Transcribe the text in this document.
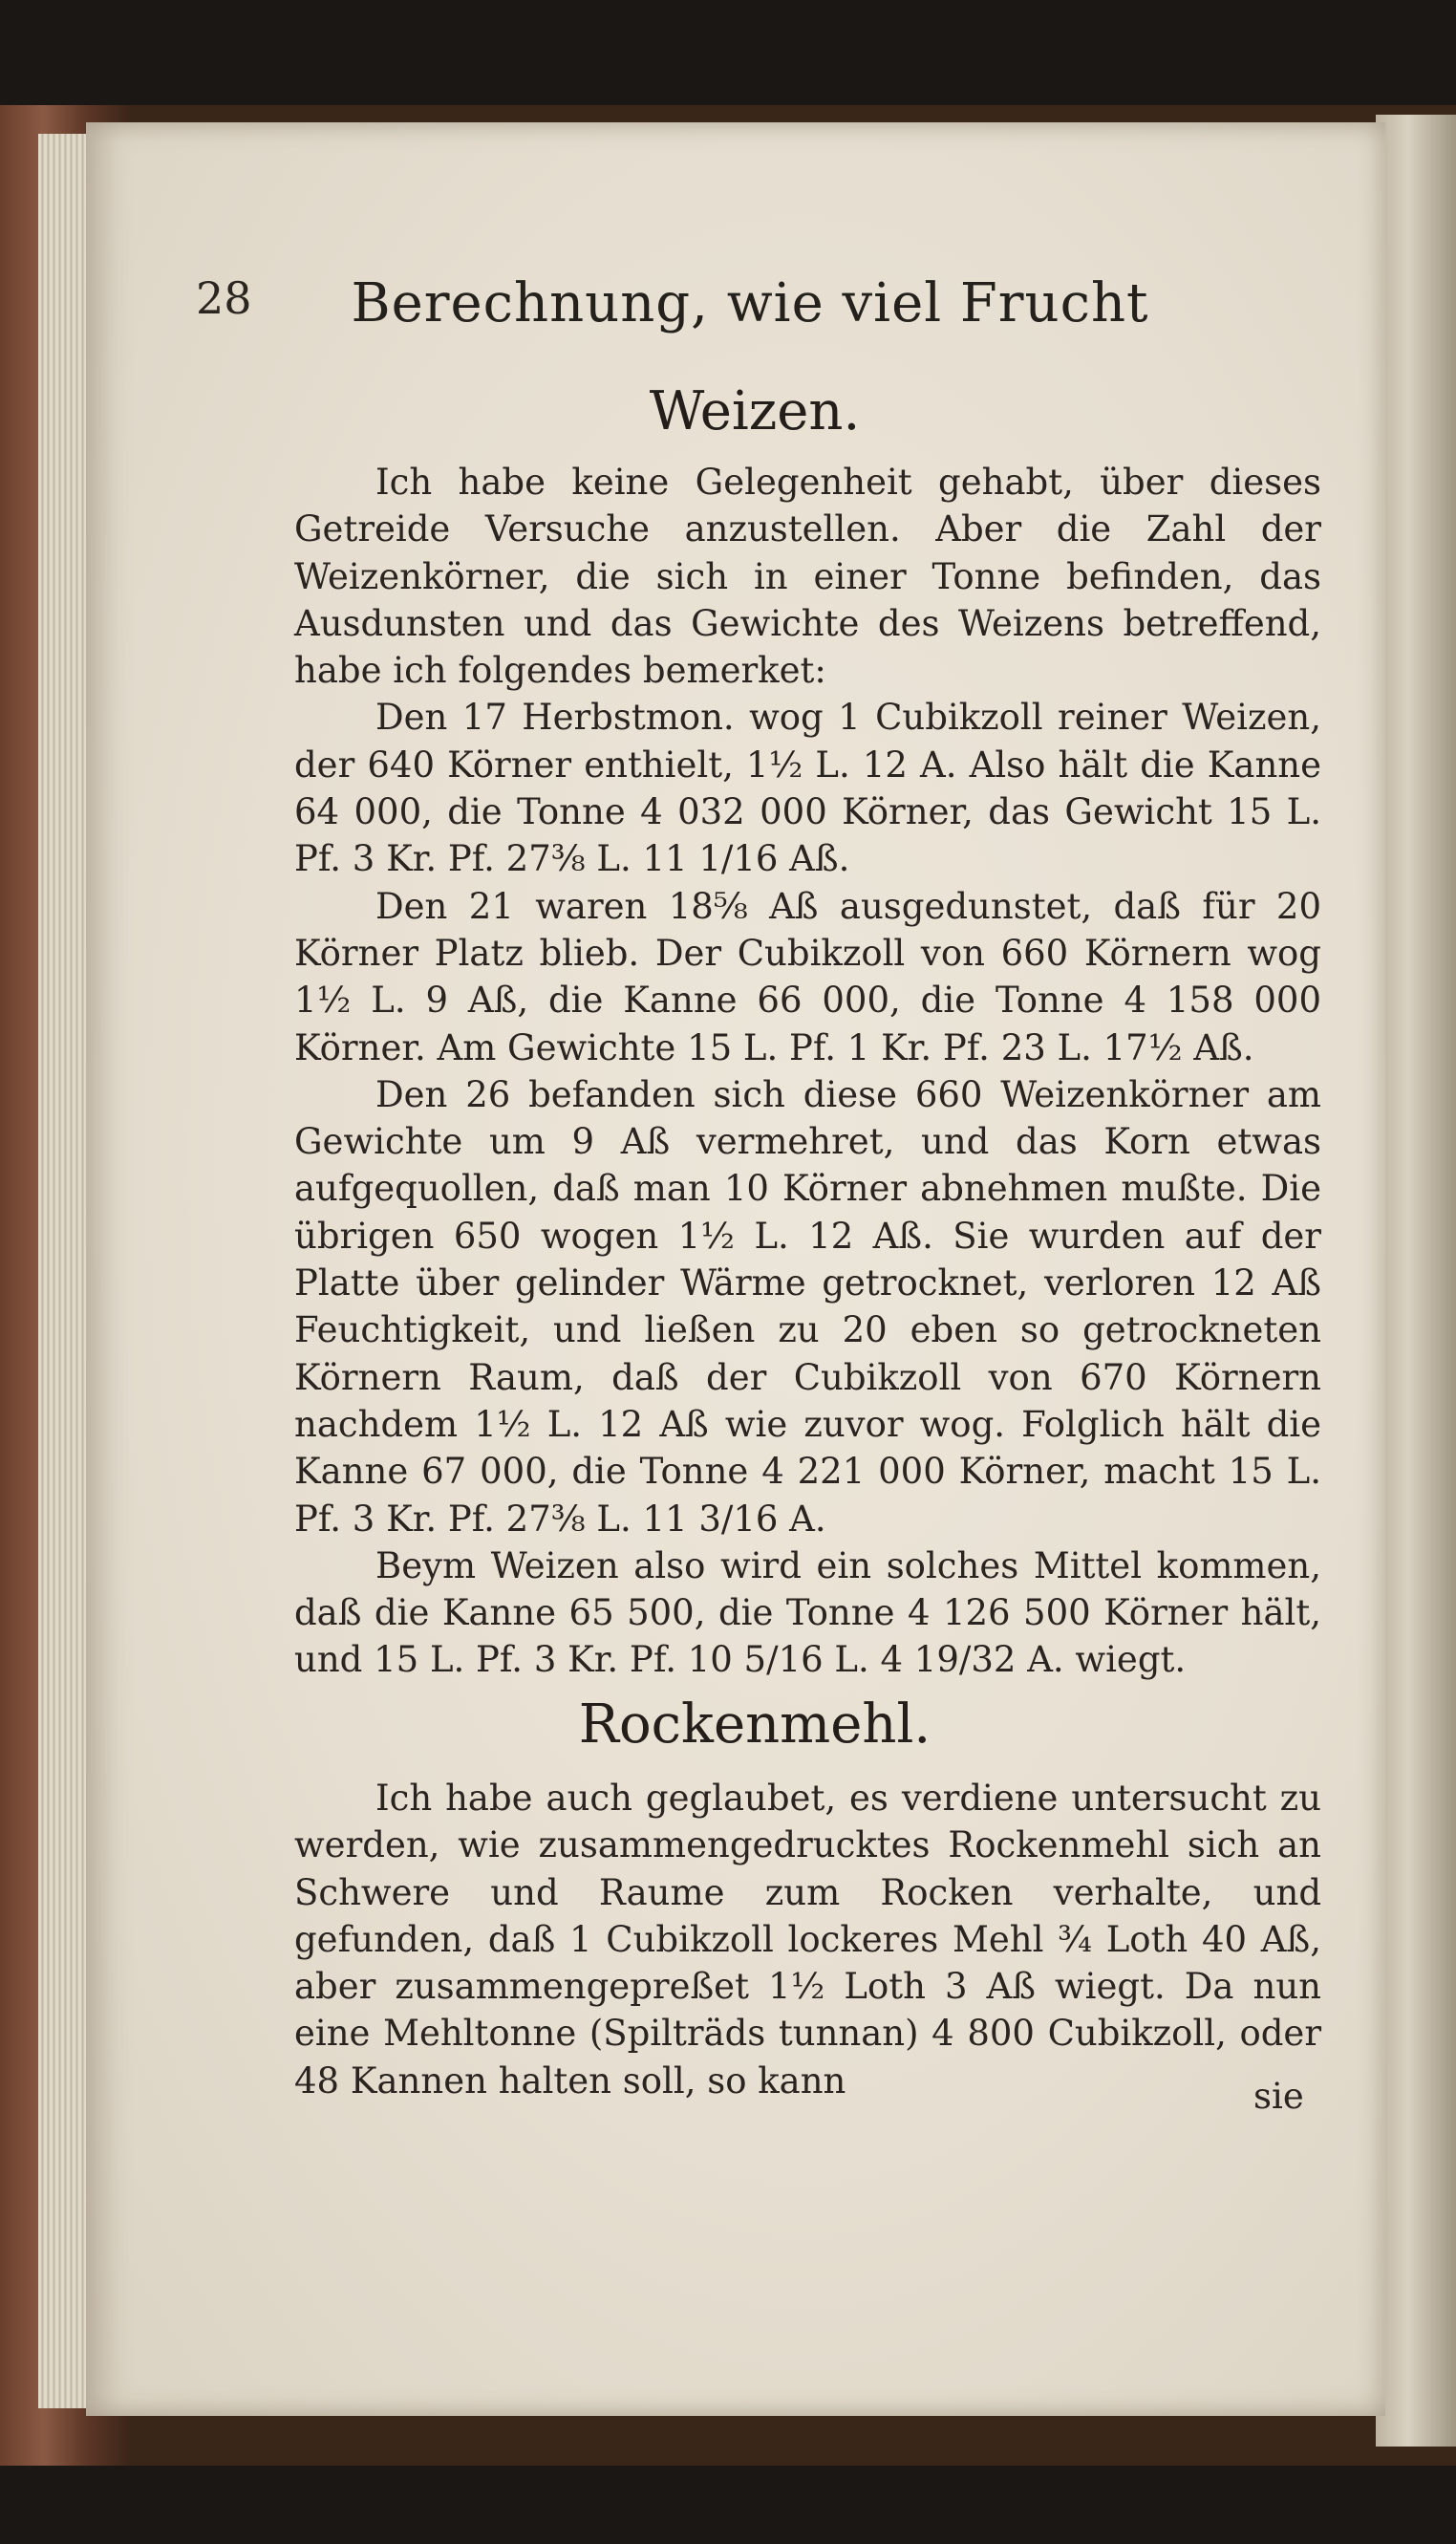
28	Berechnung, wie viel Frucht
Weizen.

Ich habe keine Gelegenheit gehabt, über dieses Getreide Versuche anzustellen. Aber die Zahl der Weizenkörner, die sich in einer Tonne befinden, das Ausdunsten und das Gewichte des Weizens betreffend, habe ich folgendes bemerket:

Den 17 Herbstmon. wog 1 Cubikzoll reiner Weizen, der 640 Körner enthielt, 1½ L. 12 A. Also hält die Kanne 64 000, die Tonne 4 032 000 Körner, das Gewicht 15 L. Pf. 3 Kr. Pf. 27⅜ L. 11 1/16 Aß.

Den 21 waren 18⅝ Aß ausgedunstet, daß für 20 Körner Platz blieb. Der Cubikzoll von 660 Körnern wog 1½ L. 9 Aß, die Kanne 66 000, die Tonne 4 158 000 Körner. Am Gewichte 15 L. Pf. 1 Kr. Pf. 23 L. 17½ Aß.

Den 26 befanden sich diese 660 Weizenkörner am Gewichte um 9 Aß vermehret, und das Korn etwas aufgequollen, daß man 10 Körner abnehmen mußte. Die übrigen 650 wogen 1½ L. 12 Aß. Sie wurden auf der Platte über gelinder Wärme getrocknet, verloren 12 Aß Feuchtigkeit, und ließen zu 20 eben so getrockneten Körnern Raum, daß der Cubikzoll von 670 Körnern nachdem 1½ L. 12 Aß wie zuvor wog. Folglich hält die Kanne 67 000, die Tonne 4 221 000 Körner, macht 15 L. Pf. 3 Kr. Pf. 27⅜ L. 11 3/16 A.

Beym Weizen also wird ein solches Mittel kommen, daß die Kanne 65 500, die Tonne 4 126 500 Körner hält, und 15 L. Pf. 3 Kr. Pf. 10 5/16 L. 4 19/32 A. wiegt.

Rockenmehl.

Ich habe auch geglaubet, es verdiene untersucht zu werden, wie zusammengedrucktes Rockenmehl sich an Schwere und Raume zum Rocken verhalte, und gefunden, daß 1 Cubikzoll lockeres Mehl ¾ Loth 40 Aß, aber zusammengepreßet 1½ Loth 3 Aß wiegt. Da nun eine Mehltonne (Spilträds tunnan) 4 800 Cubikzoll, oder 48 Kannen halten soll, so kann	sie
